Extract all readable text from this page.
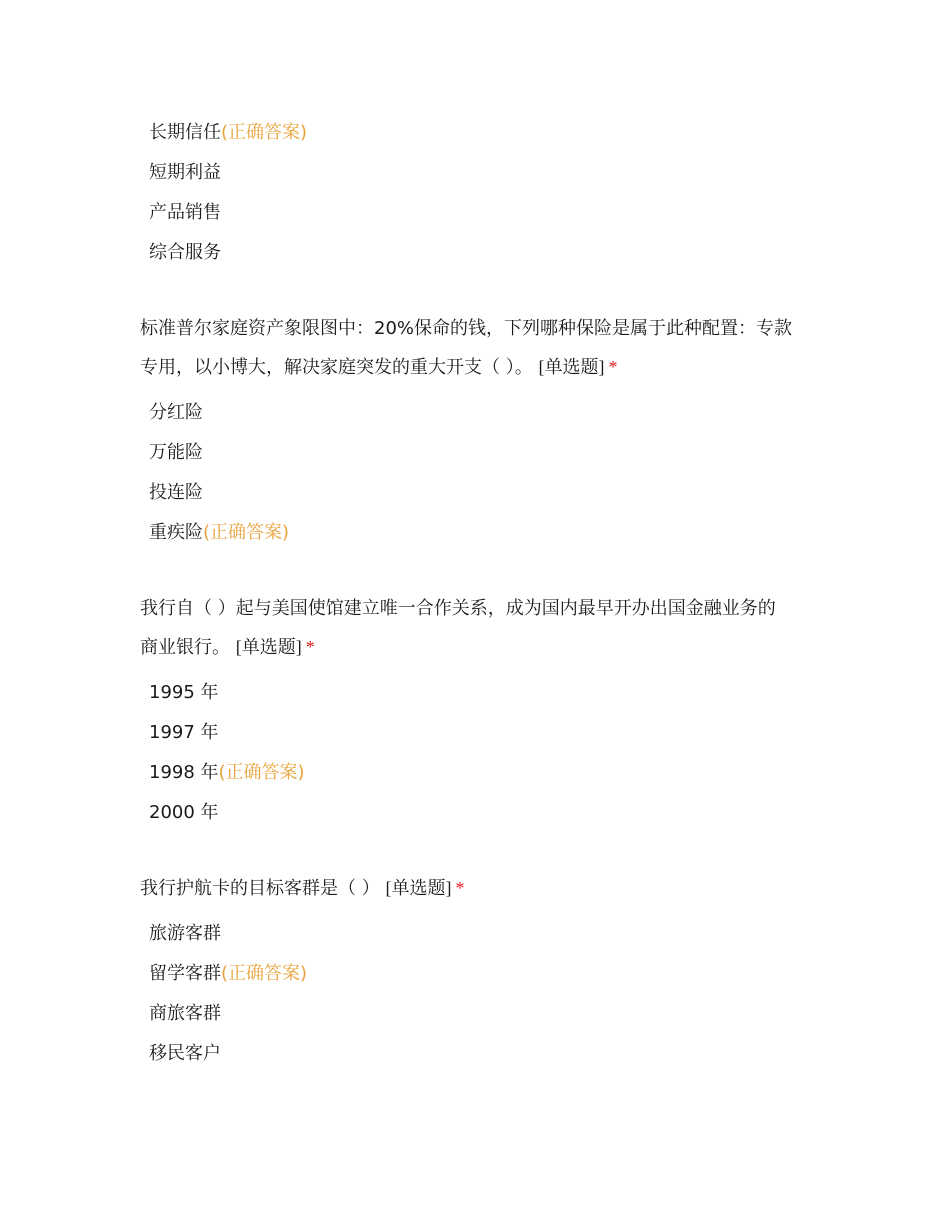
长期信任(正确答案)
短期利益
产品销售
综合服务
标准普尔家庭资产象限图中：20%保命的钱，下列哪种保险是属于此种配置：专款
专用，以小博大，解决家庭突发的重大开支（ ）。 [单选题] *
分红险
万能险
投连险
重疾险(正确答案)
我行自（ ）起与美国使馆建立唯一合作关系，成为国内最早开办出国金融业务的
商业银行。 [单选题] *
1995 年
1997 年
1998 年(正确答案)
2000 年
我行护航卡的目标客群是（ ） [单选题] *
旅游客群
留学客群(正确答案)
商旅客群
移民客户
